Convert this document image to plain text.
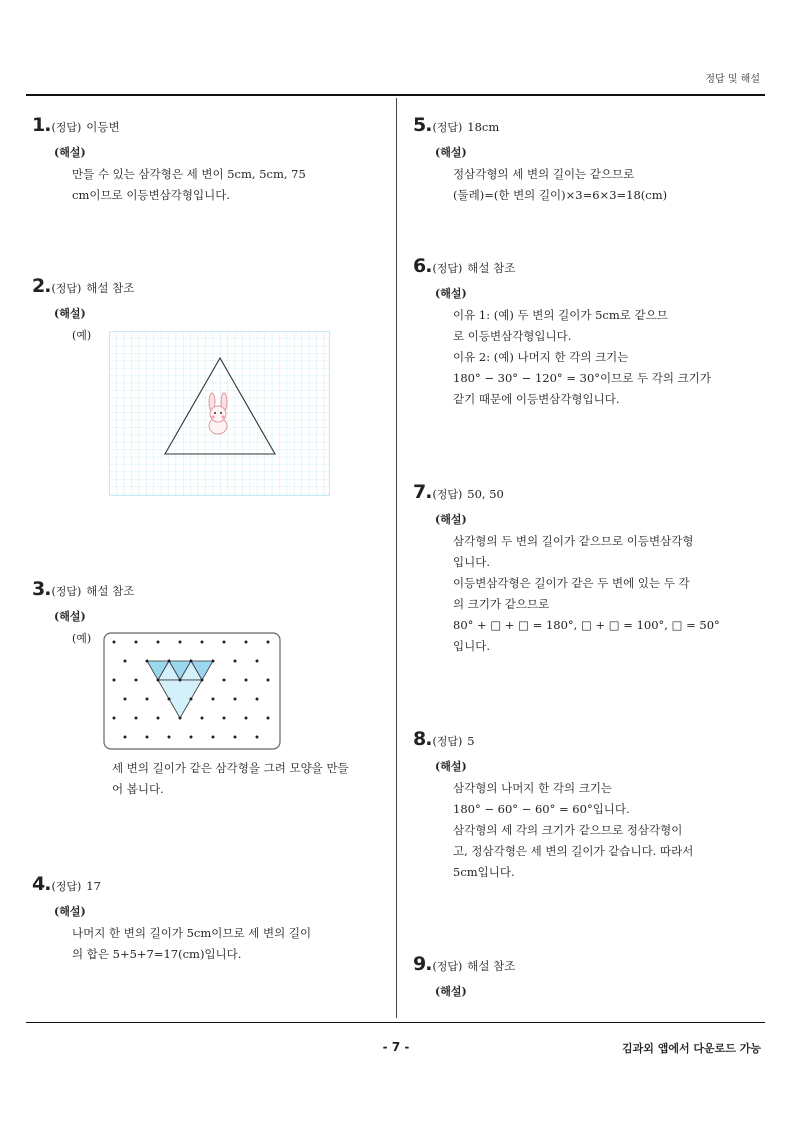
정답 및 해설
1. (정답) 이등변
(해설)

만들 수 있는 삼각형은 세 변이 5cm, 5cm, 75

cm이므로 이등변삼각형입니다.

2. (정답) 해설 참조
(해설)
(예)
3. (정답) 해설 참조
(해설)
(예)

세 변의 길이가 같은 삼각형을 그려 모양을 만들

어 봅니다.

4. (정답) 17
(해설)

나머지 한 변의 길이가 5cm이므로 세 변의 길이

의 합은 5+5+7=17(cm)입니다.

5. (정답) 18cm
(해설)

정삼각형의 세 변의 길이는 같으므로

(둘레)=(한 변의 길이)×3=6×3=18(cm)

6. (정답) 해설 참조
(해설)

이유 1: (예) 두 변의 길이가 5cm로 같으므

로 이등변삼각형입니다.

이유 2: (예) 나머지 한 각의 크기는

180° − 30° − 120° = 30°이므로 두 각의 크기가

같기 때문에 이등변삼각형입니다.

7. (정답) 50, 50
(해설)

삼각형의 두 변의 길이가 같으므로 이등변삼각형

입니다.

이등변삼각형은 길이가 같은 두 변에 있는 두 각

의 크기가 같으므로

80° + □ + □ = 180°, □ + □ = 100°, □ = 50°

입니다.

8. (정답) 5
(해설)

삼각형의 나머지 한 각의 크기는

180° − 60° − 60° = 60°입니다.

삼각형의 세 각의 크기가 같으므로 정삼각형이

고, 정삼각형은 세 변의 길이가 같습니다. 따라서

5cm입니다.

9. (정답) 해설 참조
(해설)
- 7 -	김과외 앱에서 다운로드 가능
